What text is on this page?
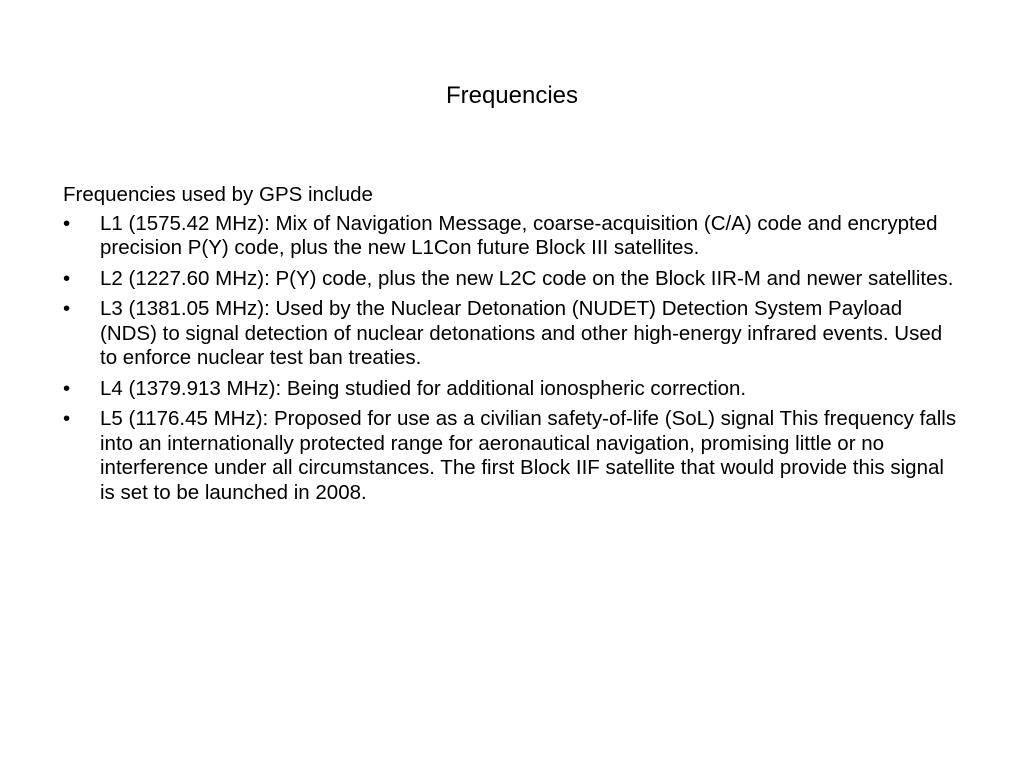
Frequencies
Frequencies used by GPS include
• L1 (1575.42 MHz): Mix of Navigation Message, coarse-acquisition (C/A) code and encrypted precision P(Y) code, plus the new L1Con future Block III satellites.
• L2 (1227.60 MHz): P(Y) code, plus the new L2C code on the Block IIR-M and newer satellites.
• L3 (1381.05 MHz): Used by the Nuclear Detonation (NUDET) Detection System Payload (NDS) to signal detection of nuclear detonations and other high-energy infrared events. Used to enforce nuclear test ban treaties.
• L4 (1379.913 MHz): Being studied for additional ionospheric correction.
• L5 (1176.45 MHz): Proposed for use as a civilian safety-of-life (SoL) signal This frequency falls into an internationally protected range for aeronautical navigation, promising little or no interference under all circumstances. The first Block IIF satellite that would provide this signal is set to be launched in 2008.
